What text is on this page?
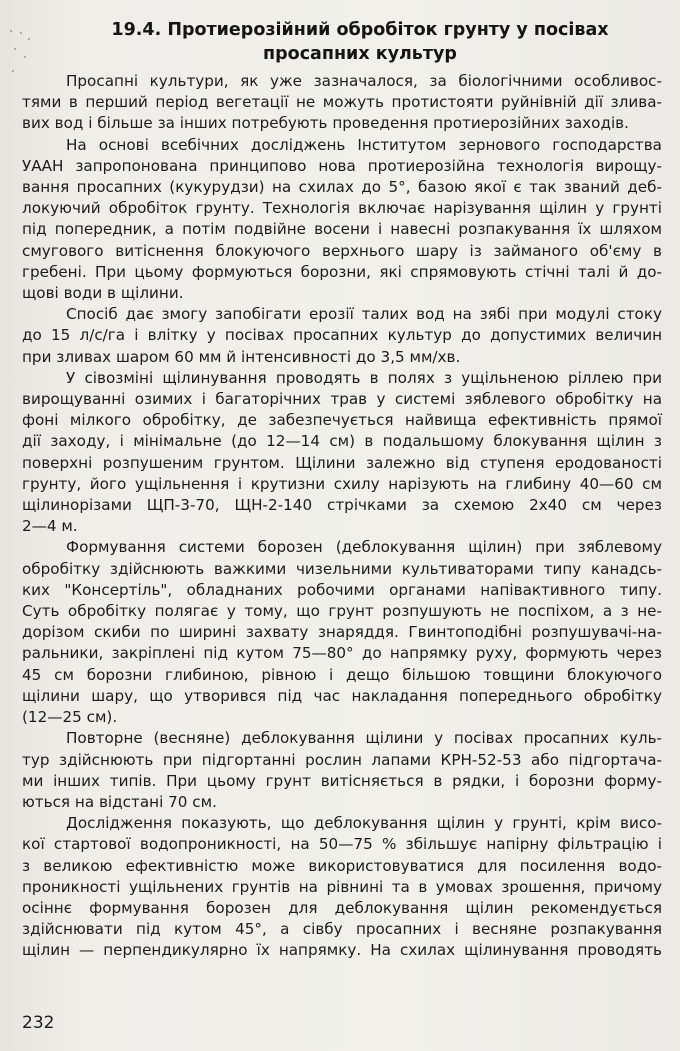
19.4. Протиерозійний обробіток грунту у посівах
просапних культур

Просапні культури, як уже зазначалося, за біологічними особливос-
тями в перший період вегетації не можуть протистояти руйнівній дії злива-
вих вод і більше за інших потребують проведення протиерозійних заходів.

На основі всебічних досліджень Інститутом зернового господарства
УААН запропонована принципово нова протиерозійна технологія вирощу-
вання просапних (кукурудзи) на схилах до 5°, базою якої є так званий деб-
локуючий обробіток грунту. Технологія включає нарізування щілин у грунті
під попередник, а потім подвійне восени і навесні розпакування їх шляхом
смугового витіснення блокуючого верхнього шару із займаного об'єму в
гребені. При цьому формуються борозни, які спрямовують стічні талі й до-
щові води в щілини.

Спосіб дає змогу запобігати ерозії талих вод на зябі при модулі стоку
до 15 л/с/га і влітку у посівах просапних культур до допустимих величин
при зливах шаром 60 мм й інтенсивності до 3,5 мм/хв.

У сівозміні щілинування проводять в полях з ущільненою ріллею при
вирощуванні озимих і багаторічних трав у системі зяблевого обробітку на
фоні мілкого обробітку, де забезпечується найвища ефективність прямої
дії заходу, і мінімальне (до 12—14 см) в подальшому блокування щілин з
поверхні розпушеним грунтом. Щілини залежно від ступеня еродованості
грунту, його ущільнення і крутизни схилу нарізують на глибину 40—60 см
щілинорізами ЩП-3-70, ЩН-2-140 стрічками за схемою 2х40 см через
2—4 м.

Формування системи борозен (деблокування щілин) при зяблевому
обробітку здійснюють важкими чизельними культиваторами типу канадсь-
ких "Консертіль", обладнаних робочими органами напівактивного типу.
Суть обробітку полягає у тому, що грунт розпушують не поспіхом, а з не-
дорізом скиби по ширині захвату знаряддя. Гвинтоподібні розпушувачі-на-
ральники, закріплені під кутом 75—80° до напрямку руху, формують через
45 см борозни глибиною, рівною і дещо більшою товщини блокуючого
щілини шару, що утворився під час накладання попереднього обробітку
(12—25 см).

Повторне (весняне) деблокування щілини у посівах просапних куль-
тур здійснюють при підгортанні рослин лапами КРН-52-53 або підгортача-
ми інших типів. При цьому грунт витісняється в рядки, і борозни форму-
ються на відстані 70 см.

Дослідження показують, що деблокування щілин у грунті, крім висо-
кої стартової водопроникності, на 50—75 % збільшує напірну фільтрацію і
з великою ефективністю може використовуватися для посилення водо-
проникності ущільнених грунтів на рівнині та в умовах зрошення, причому
осіннє формування борозен для деблокування щілин рекомендується
здійснювати під кутом 45°, а сівбу просапних і весняне розпакування
щілин — перпендикулярно їх напрямку. На схилах щілинування проводять

232
